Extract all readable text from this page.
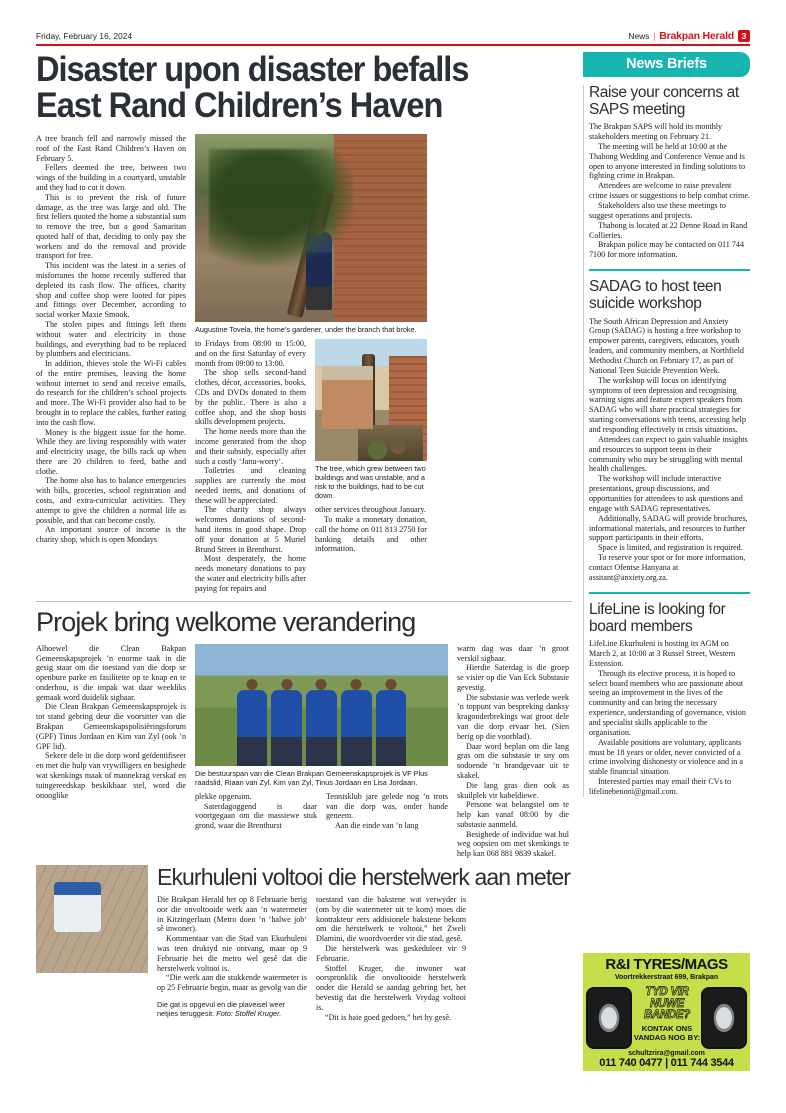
Friday, February 16, 2024	News | Brakpan Herald 3
Disaster upon disaster befalls East Rand Children’s Haven

A tree branch fell and narrowly missed the roof of the East Rand Children’s Haven on February 5.

Fellers deemed the tree, between two wings of the building in a courtyard, unstable and they had to cut it down.

This is to prevent the risk of future damage, as the tree was large and old. The first fellers quoted the home a substantial sum to remove the tree, but a good Samaritan quoted half of that, deciding to only pay the workers and do the removal and provide transport for free.

This incident was the latest in a series of misfortunes the home recently suffered that depleted its cash flow. The offices, charity shop and coffee shop were looted for pipes and fittings over December, according to social worker Maxie Smook.

The stolen pipes and fittings left them without water and electricity in those buildings, and everything had to be replaced by plumbers and electricians.

In addition, thieves stole the Wi-Fi cables of the entire premises, leaving the home without internet to send and receive emails, do research for the children’s school projects and more. The Wi-Fi provider also had to be brought in to replace the cables, further eating into the cash flow.

Money is the biggest issue for the home. While they are living responsibly with water and electricity usage, the bills rack up when there are 20 children to feed, bathe and clothe.

The home also has to balance emergencies with bills, groceries, school registration and costs, and extra-curricular activities. They attempt to give the children a normal life as possible, and that can become costly.

An important source of income is the charity shop, which is open Mondays

Augustine Tovela, the home’s gardener, under the branch that broke.

to Fridays from 08:00 to 15:00, and on the first Saturday of every month from 09:00 to 13:00.

The shop sells second-hand clothes, décor, accessories, books, CDs and DVDs donated to them by the public. There is also a coffee shop, and the shop hosts skills development projects.

The home needs more than the income generated from the shop and their subsidy, especially after such a costly ‘Janu-worry’.

Toiletries and cleaning supplies are currently the most needed items, and donations of these will be appreciated.

The charity shop always welcomes donations of second-hand items in good shape. Drop off your donation at 5 Muriel Brund Street in Brenthurst.

Most desperately, the home needs monetary donations to pay the water and electricity bills after paying for repairs and

The tree, which grew between two buildings and was unstable, and a risk to the buildings, had to be cut down.

other services throughout January.

To make a monetary donation, call the home on 011 813 2750 for banking details and other information.

Projek bring welkome verandering

Alhoewel die Clean Bakpan Gemeenskapsprojek ’n enorme taak in die gesig staar om die toestand van die dorp se openbure parke en fasiliteite op te knap en te onderhou, is die impak wat daar weekliks gemaak word duidelik sigbaar.

Die Clean Brakpan Gemeenskapsprojek is tot stand gebring deur die voorsitter van die Brakpan Gemeenskapspolisiëringsforum (GPF) Tinus Jordaan en Kim van Zyl (ook ’n GPF lid).

Sekere dele in die dorp word geïdentifiseer en met die hulp van vrywilligers en besighede wat skenkings maak of mannekrag verskaf en tuingereedskap beskikbaar stel, word die onooglike

Die bestuurspan van die Clean Brakpan Gemeenskapsprojek is VF Plus raadslid, Riaan van Zyl, Kim van Zyl, Tinus Jordaan en Lisa Jordaan.

plekke opgeruim.

Saterdagoggend is daar voortgegaan om die massiewe stuk grond, waar die Brenthurst

Tennisklub jare gelede nog ’n trots van die dorp was, onder hande geneem.

Aan die einde van ’n lang

warm dag was daar ’n groot verskil sigbaar.

Hierdie Saterdag is die groep se visier op die Van Eck Substasie gevestig.

Die substasie was verlede week ’n toppunt van bespreking danksy kragonderbrekings wat groot dele van die dorp ervaar het. (Sien berig op die voorblad).

Daar word beplan om die lang gras om die substasie te sny om sodoende ’n brandgevaar uit te skakel.

Die lang gras dien ook as skuilplek vir kabeldiewe.

Persone wat belangstel om te help kan vanaf 08:00 by die substasie aanmeld.

Besighede of individue wat hul weg oopsien om met skenkings te help kan 068 881 9839 skakel.

Ekurhuleni voltooi die herstelwerk aan meter

Die Brakpan Herald het op 8 Februarie berig oor die onvoltooide werk aan ’n watermeter in Kitzingerlaan (Metro doen ’n ‘halwe job’ sê inwoner).

Kommentaar van die Stad van Ekurhuleni was teen druktyd nie ontvang, maar op 9 Februarie het die metro wel gesê dat die herstelwerk voltooi is.

“Die werk aan die stukkende watermeter is op 25 Februarie begin, maar as gevolg van die

Die gat is opgevul en die plaveisel weer netjies teruggesit. Foto: Stoffel Kruger.

toestand van die bakstene wat verwyder is (om by die watermeter uit te kom) moes die kontrakteur eers addisionele bakstene bekom om die herstelwerk te voltooi,” het Zweli Dlamini, die woordvoerder vir die stad, gesê.

Die herstelwerk was geskeduleer vir 9 Februarie.

Stoffel Kruger, die inwoner wat oorspronklik die onvoltooide herstelwerk onder die Herald se aandag gebring het, het bevestig dat die herstelwerk Vrydag voltooi is.

“Dit is baie goed gedoen,” het hy gesê.

News Briefs
Raise your concerns at SAPS meeting

The Brakpan SAPS will hold its monthly stakeholders meeting on February 21.

The meeting will be held at 10:00 at the Thabong Wedding and Conference Venue and is open to anyone interested in finding solutions to fighting crime in Brakpan.

Attendees are welcome to raise prevalent crime issues or suggestions to help combat crime.

Stakeholders also use these meetings to suggest operations and projects.

Thabong is located at 22 Denne Road in Rand Collieries.

Brakpan police may be contacted on 011 744 7100 for more information.

SADAG to host teen suicide workshop

The South African Depression and Anxiety Group (SADAG) is hosting a free workshop to empower parents, caregivers, educators, youth leaders, and community members, at Northfield Methodist Church on February 17, as part of National Teen Suicide Prevention Week.

The workshop will focus on identifying symptoms of teen depression and recognising warning signs and feature expert speakers from SADAG who will share practical strategies for starting conversations with teens, accessing help and responding effectively in crisis situations.

Attendees can expect to gain valuable insights and resources to support teens in their community who may be struggling with mental health challenges.

The workshop will include interactive presentations, group discussions, and opportunities for attendees to ask questions and engage with SADAG representatives.

Additionally, SADAG will provide brochures, informational materials, and resources to further support participants in their efforts.

Space is limited, and registration is required.

To reserve your spot or for more information, contact Ofentse Hanyana at assitant@anxiety.org.za.

LifeLine is looking for board members

LifeLine Ekurhuleni is hosting its AGM on March 2, at 10:00 at 3 Russel Street, Western Extension.

Through its elective process, it is hoped to select board members who are passionate about seeing an improvement in the lives of the community and can bring the necessary experience, understanding of governance, vision and specialist skills applicable to the organisation.

Available positions are voluntary, applicants must be 18 years or older, never convicted of a crime involving dishonesty or violence and in a stable financial situation.

Interested parties may email their CVs to lifelinebenoni@gmail.com.

R&I TYRES/MAGS
Voortrekkerstraat 699, Brakpan
TYD VIR NUWE BANDE?
KONTAK ONS VANDAG NOG BY:
schultzrira@gmail.com
011 740 0477 | 011 744 3544
